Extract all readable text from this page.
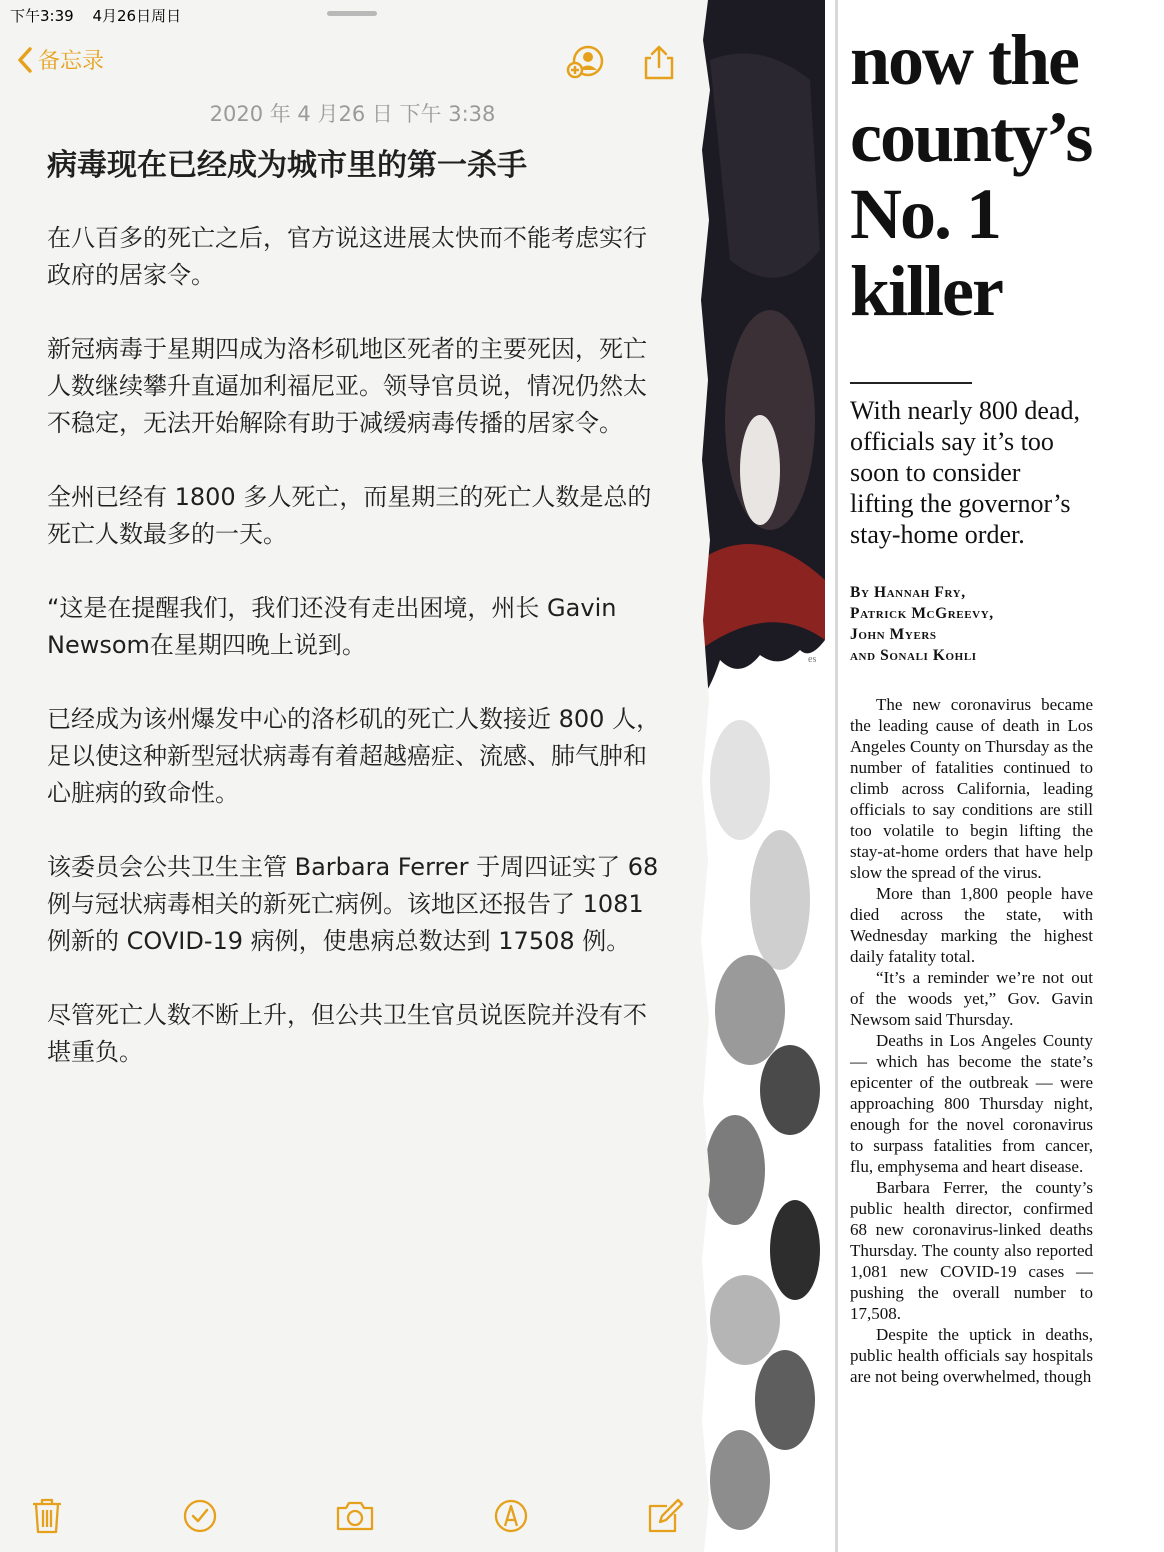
下午3:39 4月26日周日
备忘录
2020 年 4 月26 日 下午 3:38
病毒现在已经成为城市里的第一杀手

在八百多的死亡之后，官方说这进展太快而不能考虑实行政府的居家令。

新冠病毒于星期四成为洛杉矶地区死者的主要死因，死亡人数继续攀升直逼加利福尼亚。领导官员说，情况仍然太不稳定，无法开始解除有助于减缓病毒传播的居家令。

全州已经有 1800 多人死亡，而星期三的死亡人数是总的死亡人数最多的一天。

“这是在提醒我们，我们还没有走出困境，州长 Gavin Newsom在星期四晚上说到。

已经成为该州爆发中心的洛杉矶的死亡人数接近 800 人，足以使这种新型冠状病毒有着超越癌症、流感、肺气肿和心脏病的致命性。

该委员会公共卫生主管 Barbara Ferrer 于周四证实了 68 例与冠状病毒相关的新死亡病例。该地区还报告了 1081 例新的 COVID-19 病例，使患病总数达到 17508 例。

尽管死亡人数不断上升，但公共卫生官员说医院并没有不堪重负。

es
now the
county’s
No. 1
killer
With nearly 800 dead, officials say it’s too soon to consider lifting the governor’s stay-home order.
By Hannah Fry,
Patrick McGreevy,
John Myers
and Sonali Kohli

The new coronavirus became the leading cause of death in Los Angeles County on Thursday as the number of fatalities continued to climb across California, leading officials to say conditions are still too volatile to begin lifting the stay-at-home orders that have help slow the spread of the virus.

More than 1,800 people have died across the state, with Wednesday marking the highest daily fatality total.

“It’s a reminder we’re not out of the woods yet,” Gov. Gavin Newsom said Thursday.

Deaths in Los Angeles County — which has become the state’s epicenter of the outbreak — were approaching 800 Thursday night, enough for the novel coronavirus to surpass fatalities from cancer, flu, emphysema and heart disease.

Barbara Ferrer, the county’s public health director, confirmed 68 new coronavirus-linked deaths Thursday. The county also reported 1,081 new COVID-19 cases — pushing the overall number to 17,508.

Despite the uptick in deaths, public health officials say hospitals are not being overwhelmed, though
